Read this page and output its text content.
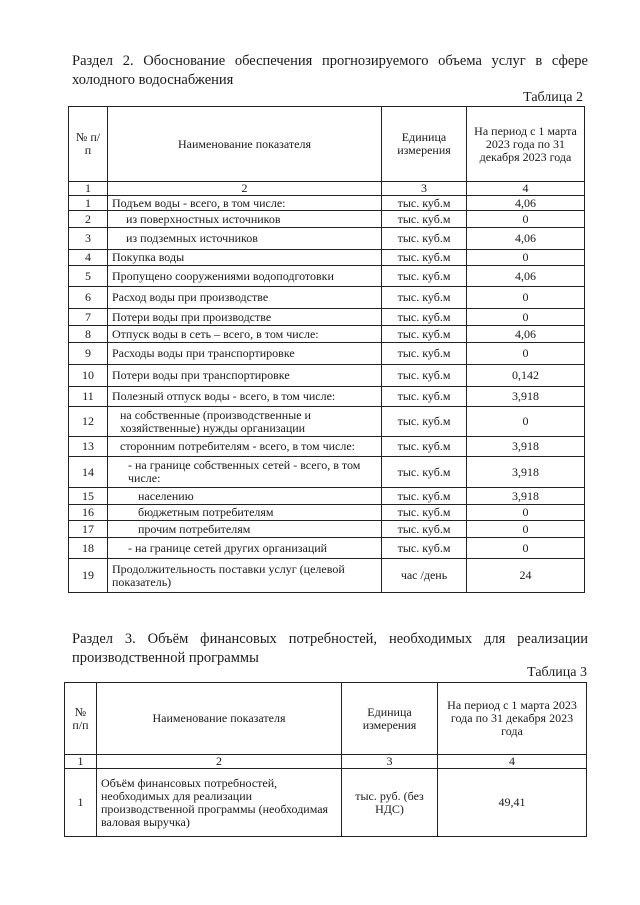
Раздел 2. Обоснование обеспечения прогнозируемого объема услуг в сфере холодного водоснабжения
Таблица 2
№ п/п	Наименование показателя	Единица измерения	На период с 1 марта 2023 года по 31 декабря 2023 года
1	2	3	4
1	Подъем воды - всего, в том числе:	тыс. куб.м	4,06
2	из поверхностных источников	тыс. куб.м	0
3	из подземных источников	тыс. куб.м	4,06
4	Покупка воды	тыс. куб.м	0
5	Пропущено сооружениями водоподготовки	тыс. куб.м	4,06
6	Расход воды при производстве	тыс. куб.м	0
7	Потери воды при производстве	тыс. куб.м	0
8	Отпуск воды в сеть – всего, в том числе:	тыс. куб.м	4,06
9	Расходы воды при транспортировке	тыс. куб.м	0
10	Потери воды при транспортировке	тыс. куб.м	0,142
11	Полезный отпуск воды - всего, в том числе:	тыс. куб.м	3,918
12	на собственные (производственные и хозяйственные) нужды организации	тыс. куб.м	0
13	сторонним потребителям - всего, в том числе:	тыс. куб.м	3,918
14	- на границе собственных сетей - всего, в том числе:	тыс. куб.м	3,918
15	населению	тыс. куб.м	3,918
16	бюджетным потребителям	тыс. куб.м	0
17	прочим потребителям	тыс. куб.м	0
18	- на границе сетей других организаций	тыс. куб.м	0
19	Продолжительность поставки услуг (целевой показатель)	час /день	24
Раздел 3. Объём финансовых потребностей, необходимых для реализации производственной программы
Таблица 3
№ п/п	Наименование показателя	Единица измерения	На период с 1 марта 2023 года по 31 декабря 2023 года
1	2	3	4
1	Объём финансовых потребностей, необходимых для реализации производственной программы (необходимая валовая выручка)	тыс. руб. (без НДС)	49,41
